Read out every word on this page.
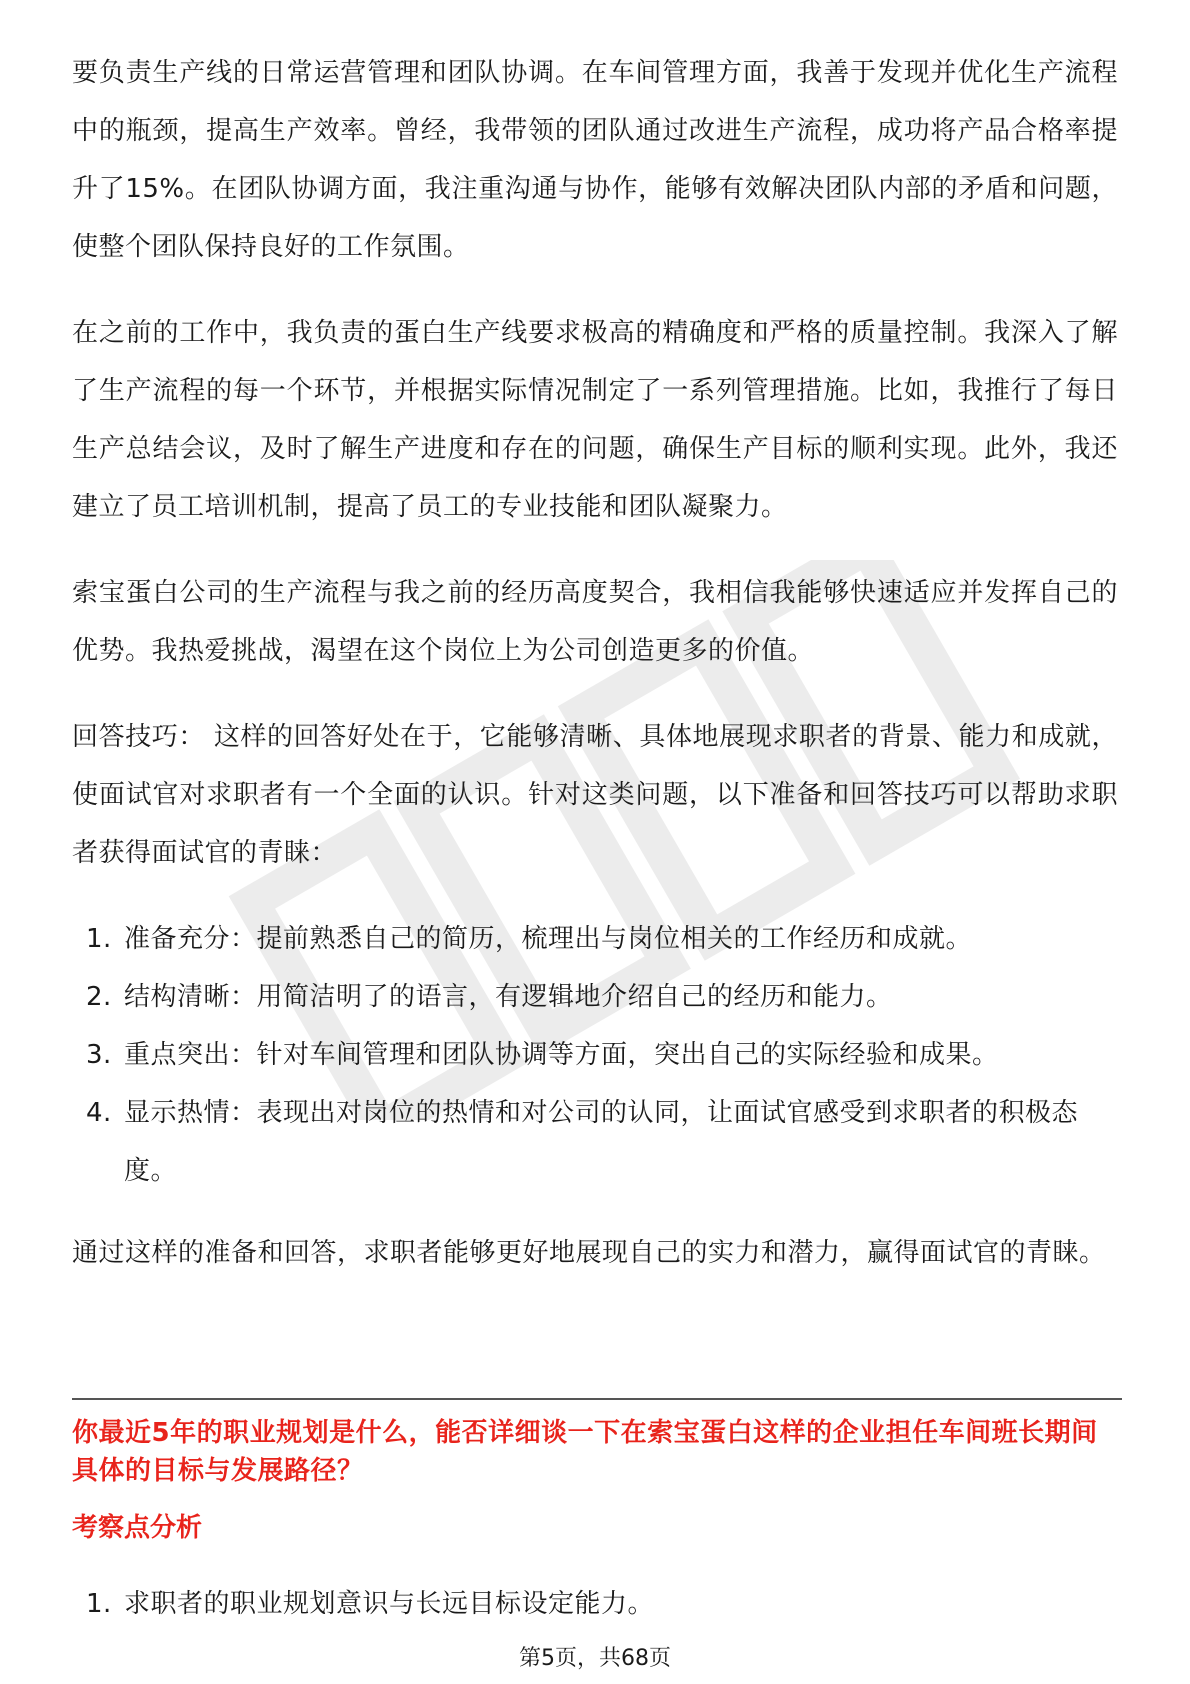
要负责生产线的日常运营管理和团队协调。在车间管理方面，我善于发现并优化生产流程中的瓶颈，提高生产效率。曾经，我带领的团队通过改进生产流程，成功将产品合格率提升了15%。在团队协调方面，我注重沟通与协作，能够有效解决团队内部的矛盾和问题，使整个团队保持良好的工作氛围。

在之前的工作中，我负责的蛋白生产线要求极高的精确度和严格的质量控制。我深入了解了生产流程的每一个环节，并根据实际情况制定了一系列管理措施。比如，我推行了每日生产总结会议，及时了解生产进度和存在的问题，确保生产目标的顺利实现。此外，我还建立了员工培训机制，提高了员工的专业技能和团队凝聚力。

索宝蛋白公司的生产流程与我之前的经历高度契合，我相信我能够快速适应并发挥自己的优势。我热爱挑战，渴望在这个岗位上为公司创造更多的价值。

回答技巧： 这样的回答好处在于，它能够清晰、具体地展现求职者的背景、能力和成就，使面试官对求职者有一个全面的认识。针对这类问题，以下准备和回答技巧可以帮助求职者获得面试官的青睐：

1. 准备充分：提前熟悉自己的简历，梳理出与岗位相关的工作经历和成就。
2. 结构清晰：用简洁明了的语言，有逻辑地介绍自己的经历和能力。
3. 重点突出：针对车间管理和团队协调等方面，突出自己的实际经验和成果。
4. 显示热情：表现出对岗位的热情和对公司的认同，让面试官感受到求职者的积极态度。

通过这样的准备和回答，求职者能够更好地展现自己的实力和潜力，赢得面试官的青睐。

你最近5年的职业规划是什么，能否详细谈一下在索宝蛋白这样的企业担任车间班长期间具体的目标与发展路径？
考察点分析
1. 求职者的职业规划意识与长远目标设定能力。
第5页，共68页
